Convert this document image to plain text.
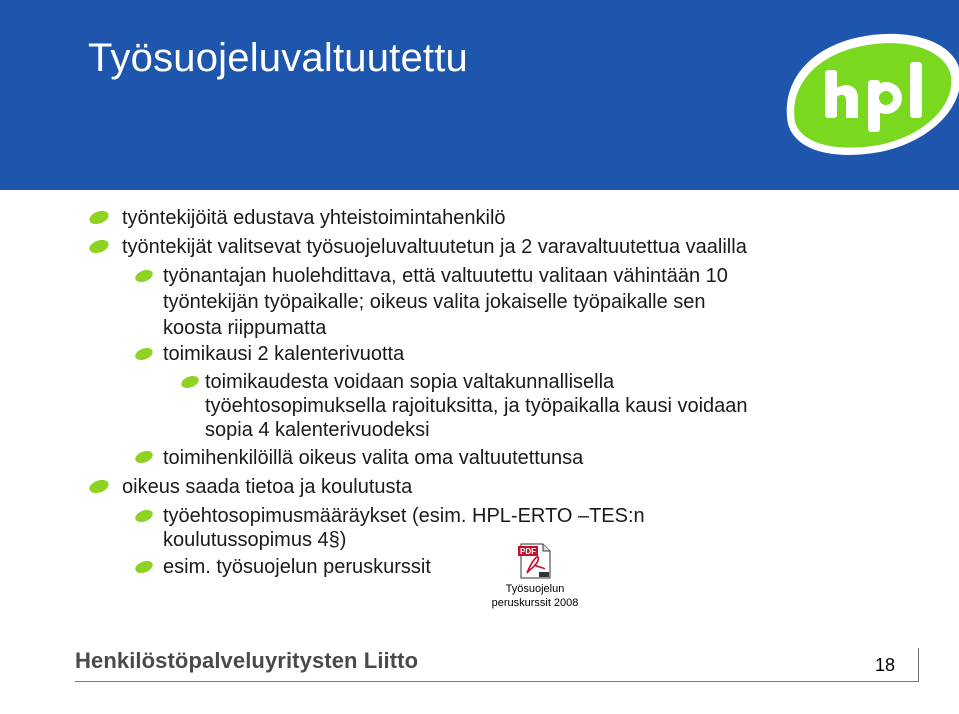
Työsuojeluvaltuutettu
työntekijöitä edustava yhteistoimintahenkilö
työntekijät valitsevat työsuojeluvaltuutetun ja 2 varavaltuutettua vaalilla
työnantajan huolehdittava, että valtuutettu valitaan vähintään 10
työntekijän työpaikalle; oikeus valita jokaiselle työpaikalle sen
koosta riippumatta
toimikausi 2 kalenterivuotta
toimikaudesta voidaan sopia valtakunnallisella
työehtosopimuksella rajoituksitta, ja työpaikalla kausi voidaan
sopia 4 kalenterivuodeksi
toimihenkilöillä oikeus valita oma valtuutettunsa
oikeus saada tietoa ja koulutusta
työehtosopimusmääräykset (esim. HPL-ERTO –TES:n
koulutussopimus 4§)
esim. työsuojelun peruskurssit
PDF
Työsuojelun
peruskurssit 2008
Henkilöstöpalveluyritysten Liitto	18
